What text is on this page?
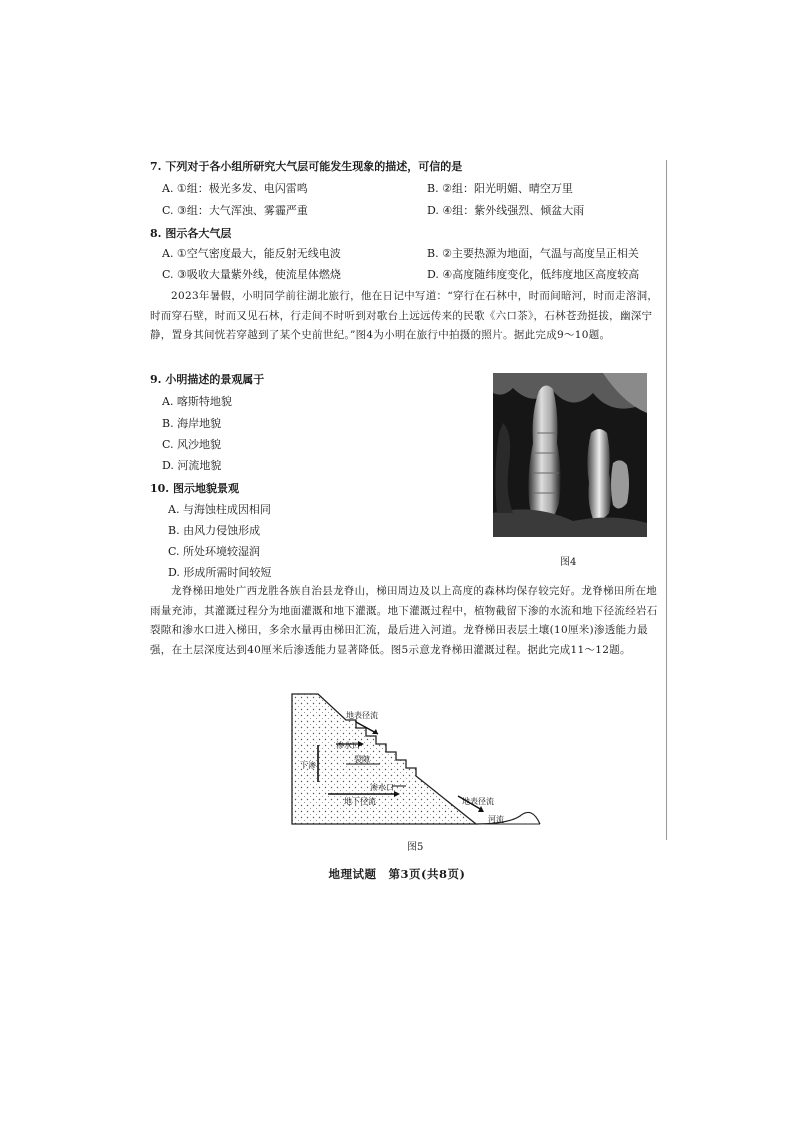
7. 下列对于各小组所研究大气层可能发生现象的描述，可信的是
A. ①组：极光多发、电闪雷鸣	B. ②组：阳光明媚、晴空万里
C. ③组：大气浑浊、雾霾严重	D. ④组：紫外线强烈、倾盆大雨
8. 图示各大气层
A. ①空气密度最大，能反射无线电波	B. ②主要热源为地面，气温与高度呈正相关
C. ③吸收大量紫外线，使流星体燃烧	D. ④高度随纬度变化，低纬度地区高度较高

2023年暑假，小明同学前往湖北旅行，他在日记中写道：“穿行在石林中，时而间暗河，时而走溶洞，时而穿石壁，时而又见石林，行走间不时听到对歌台上远远传来的民歌《六口茶》，石林苍劲挺拔，幽深宁静，置身其间恍若穿越到了某个史前世纪。”图4为小明在旅行中拍摄的照片。据此完成9～10题。

9. 小明描述的景观属于
A. 喀斯特地貌
B. 海岸地貌
C. 风沙地貌
D. 河流地貌
10. 图示地貌景观
A. 与海蚀柱成因相同
B. 由风力侵蚀形成
C. 所处环境较湿润
D. 形成所需时间较短
图4

龙脊梯田地处广西龙胜各族自治县龙脊山，梯田周边及以上高度的森林均保存较完好。龙脊梯田所在地雨量充沛，其灌溉过程分为地面灌溉和地下灌溉。地下灌溉过程中，植物截留下渗的水流和地下径流经岩石裂隙和渗水口进入梯田，多余水量再由梯田汇流，最后进入河道。龙脊梯田表层土壤(10厘米)渗透能力最强，在土层深度达到40厘米后渗透能力显著降低。图5示意龙脊梯田灌溉过程。据此完成11～12题。

地表径流
渗水口
下渗
裂隙
渗水口
地下径流	地表径流
河流
图5
地理试题　第3页(共8页)
